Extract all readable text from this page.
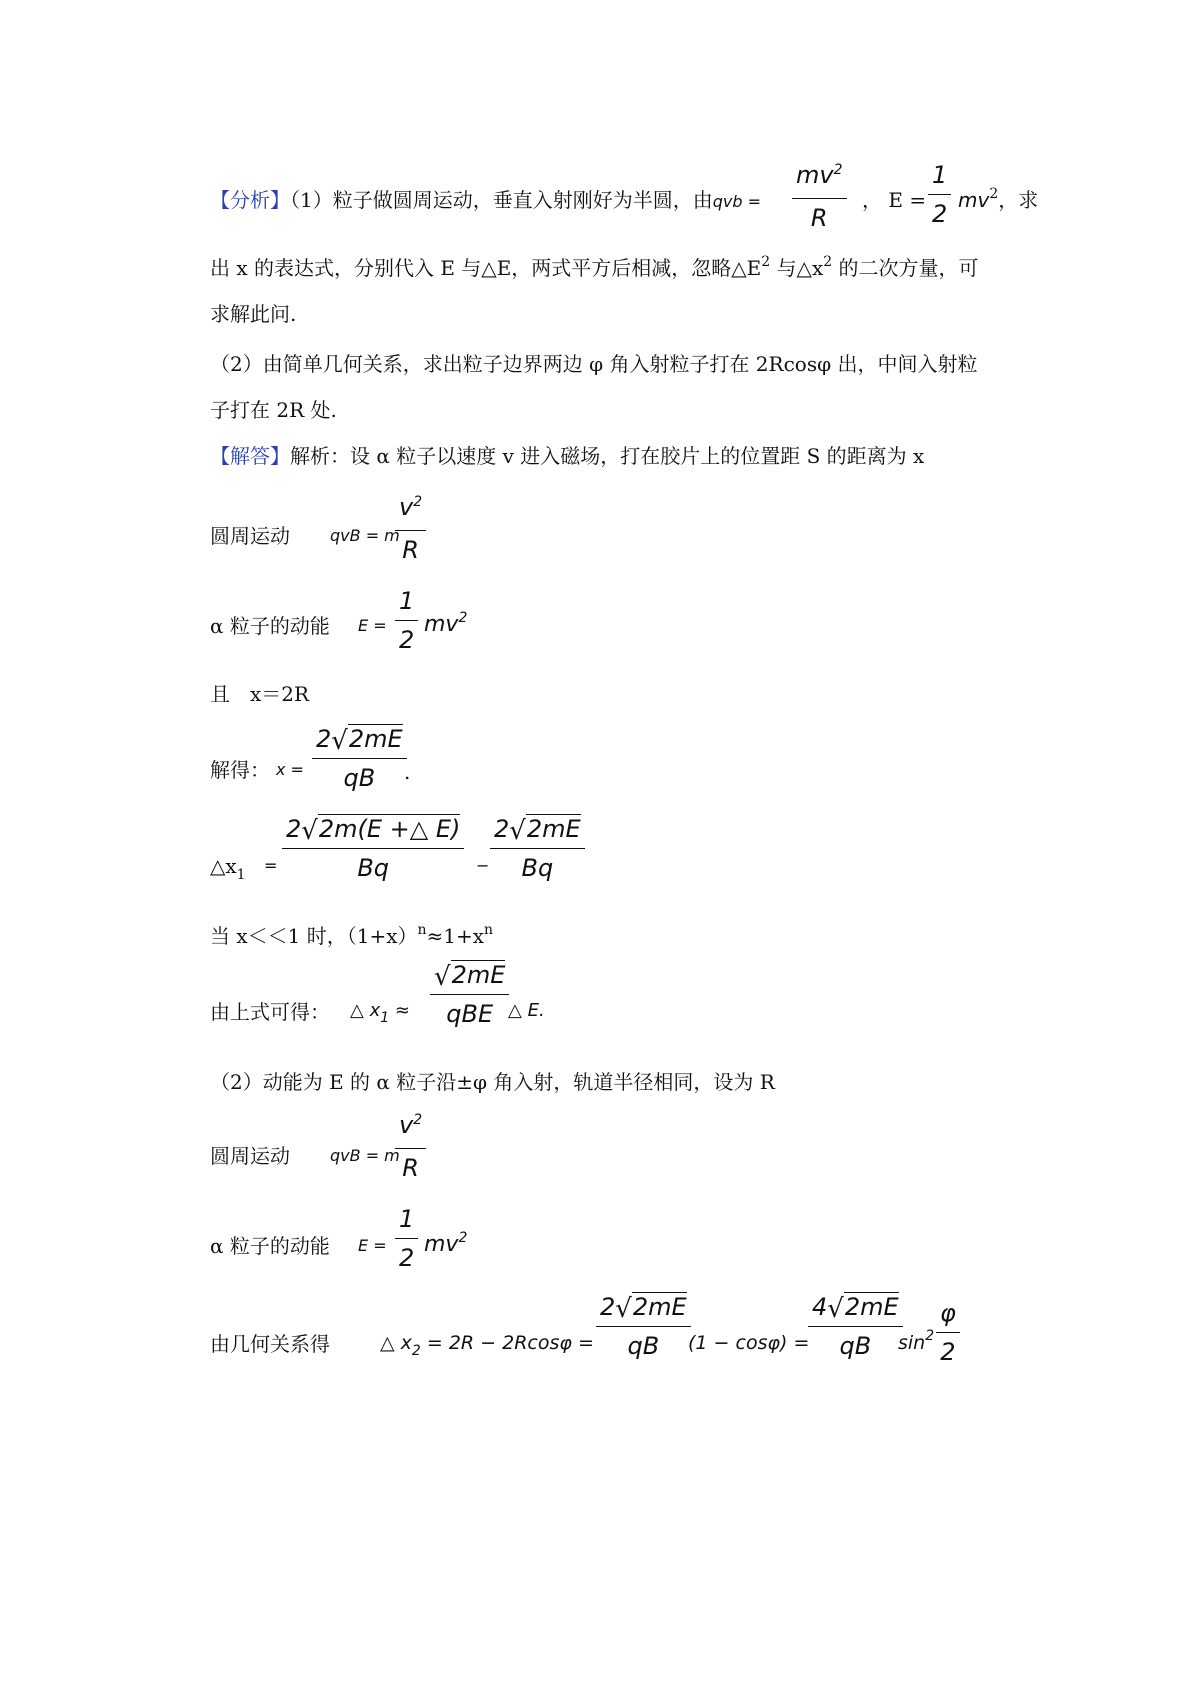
【分析】（1）粒子做圆周运动，垂直入射刚好为半圆，由qvb =
$mv^2$
R
， E =
1
2 $mv^2$，求
出 x 的表达式，分别代入 E 与△E，两式平方后相减，忽略$\triangle E^2$ 与$\triangle x^2$ 的二次方量，可
求解此问.
（2）由简单几何关系，求出粒子边界两边 φ 角入射粒子打在 2Rcosφ 出，中间入射粒
子打在 2R 处.
【解答】解析：设 α 粒子以速度 v 进入磁场，打在胶片上的位置距 S 的距离为 x
圆周运动	qvB = m
$v^2$
R
α 粒子的动能 E =
1
2
$mv^2$
且　x＝2R
解得： x =
2√2mE
qB	.
$\triangle x_1$ =
2√2m(E +△ E)
Bq	−
2√2mE
Bq
当 x＜＜1 时，$(1+x)^n\approx 1+x^n$
由上式可得： △ $x_1$ ≈
√2mE
qBE △ E.
（2）动能为 E 的 α 粒子沿±φ 角入射，轨道半径相同，设为 R
圆周运动	qvB = m
$v^2$
R
α 粒子的动能 E =
1
2 $mv^2$
由几何关系得	△ $x_2 = 2R - 2Rcos\varphi$ =
2√2mE
qB	(1 − cosφ) =
4√2mE
qB	$\sin^2$
φ
2
